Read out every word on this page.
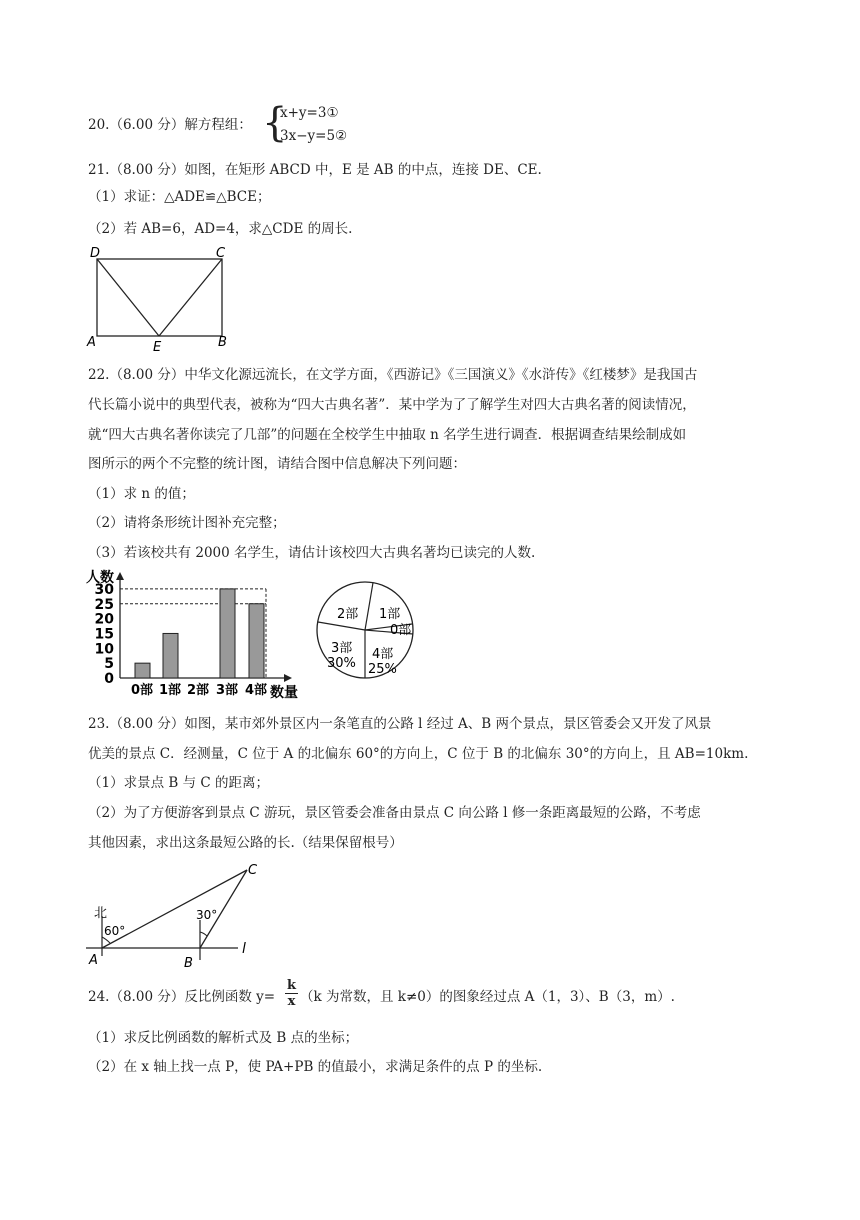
20.（6.00 分）解方程组： {
x+y=3①
3x−y=5②
21.（8.00 分）如图，在矩形 ABCD 中，E 是 AB 的中点，连接 DE、CE.
（1）求证：△ADE≌△BCE；
（2）若 AB=6，AD=4，求△CDE 的周长.
D	C
A	B
E
22.（8.00 分）中华文化源远流长，在文学方面，《西游记》《三国演义》《水浒传》《红楼梦》是我国古
代长篇小说中的典型代表，被称为“四大古典名著”．某中学为了了解学生对四大古典名著的阅读情况，
就“四大古典名著你读完了几部”的问题在全校学生中抽取 n 名学生进行调查．根据调查结果绘制成如
图所示的两个不完整的统计图，请结合图中信息解决下列问题：
（1）求 n 的值；
（2）请将条形统计图补充完整；
（3）若该校共有 2000 名学生，请估计该校四大古典名著均已读完的人数.
0
5
10
15
20
25
30
0部 1部 2部 3部 4部
人数
数量
2部 1部
0部
4部
25%
3部
30%
23.（8.00 分）如图，某市郊外景区内一条笔直的公路 l 经过 A、B 两个景点，景区管委会又开发了风景
优美的景点 C．经测量，C 位于 A 的北偏东 60°的方向上，C 位于 B 的北偏东 30°的方向上，且 AB=10km.
（1）求景点 B 与 C 的距离；
（2）为了方便游客到景点 C 游玩，景区管委会准备由景点 C 向公路 l 修一条距离最短的公路，不考虑
其他因素，求出这条最短公路的长.（结果保留根号）
北
60°
30°
A	B
C
l
24.（8.00 分）反比例函数 $y= \frac{k}{x} (k$ 为常数，且 k≠0）的图象经过点 A（1，3）、B（3，m）.
（1）求反比例函数的解析式及 B 点的坐标；
（2）在 x 轴上找一点 P，使 PA+PB 的值最小，求满足条件的点 P 的坐标.
